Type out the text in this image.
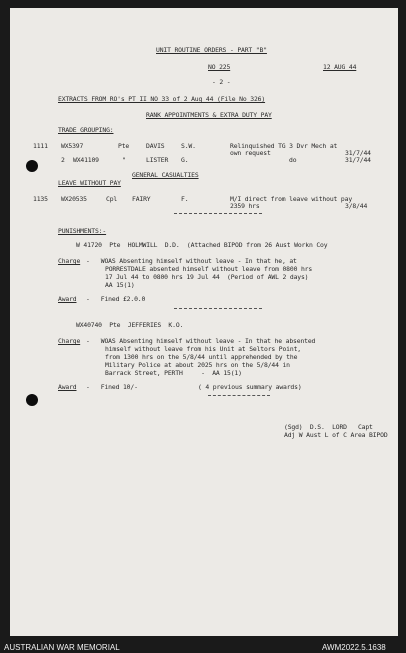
UNIT ROUTINE ORDERS - PART "B"
NO 225	12 AUG 44
- 2 -
EXTRACTS FROM RO's PT II NO 33 of 2 Aug 44 (File No 326)
RANK APPOINTMENTS & EXTRA DUTY PAY
TRADE GROUPING:
1111 WX5397	Pte	DAVIS	S.W.	Relinquished TG 3 Dvr Mech at
own request	31/7/44
2 WX41109	"	LISTER G.	do	31/7/44
GENERAL CASUALTIES
LEAVE WITHOUT PAY
1135 WX20535	Cpl FAIRY	F.	M/I direct from leave without pay
2359 hrs	3/8/44
PUNISHMENTS:-
W 41720  Pte  HOLMWILL  D.D.  (Attached BIPOD from 26 Aust Workn Coy
Charge -   WOAS Absenting himself without leave - In that he, at
PORRESTDALE absented himself without leave from 0800 hrs
17 Jul 44 to 0800 hrs 19 Jul 44  (Period of AWL 2 days)
AA 15(1)
Award -   Fined £2.0.0
WX40740  Pte  JEFFERIES  K.O.
Charge -   WOAS Absenting himself without leave - In that he absented
himself without leave from his Unit at Seltors Point,
from 1300 hrs on the 5/8/44 until apprehended by the
Military Police at about 2025 hrs on the 5/8/44 in
Barrack Street, PERTH     -  AA 15(1)
Award -   Fined 10/-	( 4 previous summary awards)
(Sgd)  D.S.  LORD   Capt
Adj W Aust L of C Area BIPOD
AUSTRALIAN WAR MEMORIAL	AWM2022.5.1638
